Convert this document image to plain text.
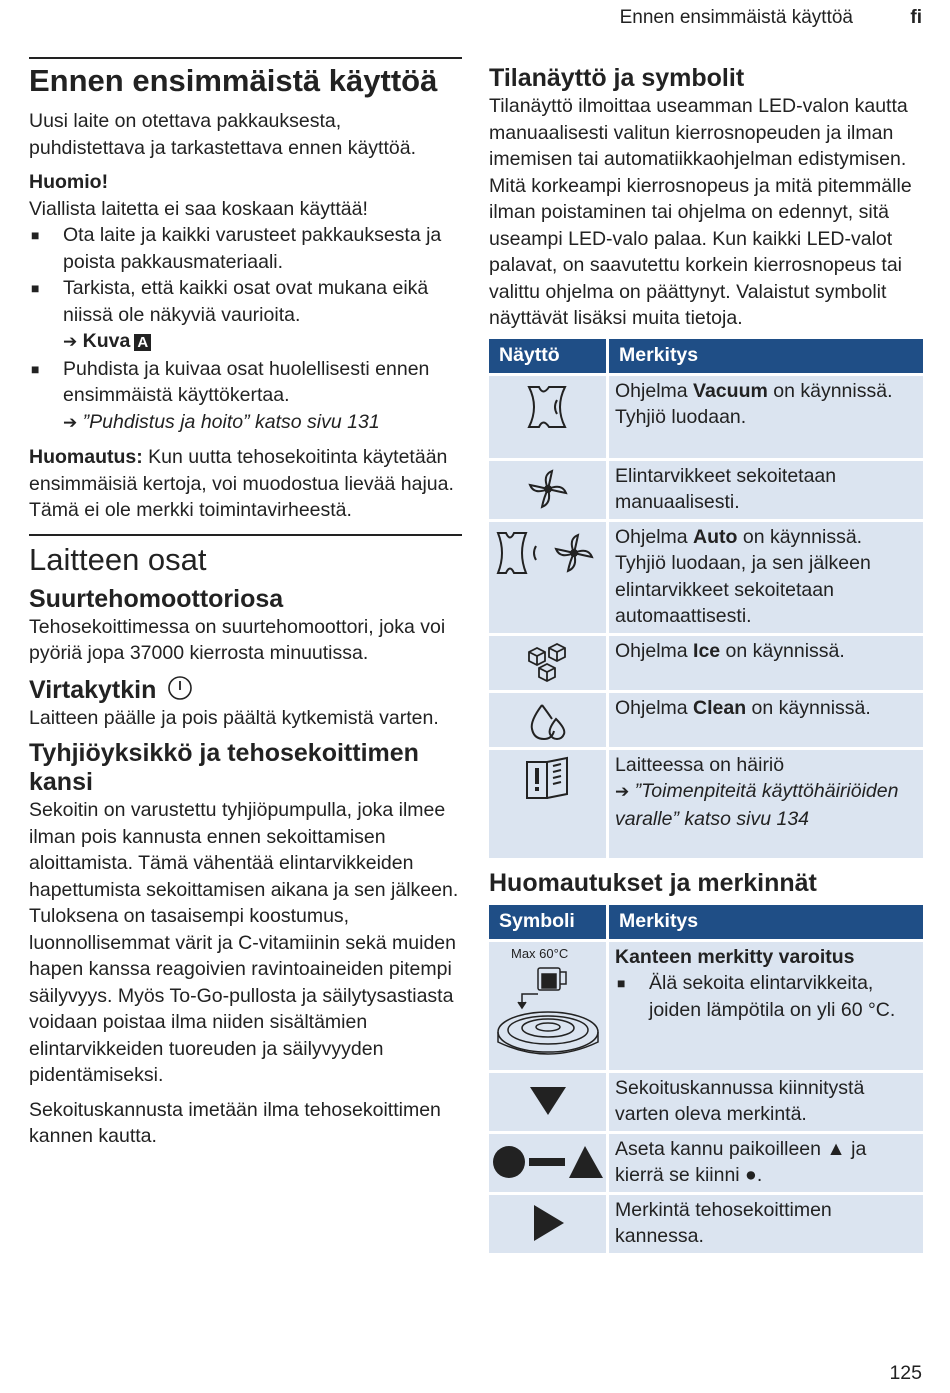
Ennen ensimmäistä käyttöä	fi
Ennen ensimmäistä käyttöä

Uusi laite on otettava pakkauksesta, puhdistettava ja tarkastettava ennen käyttöä.

Huomio!

Viallista laitetta ei saa koskaan käyttää!

■	Ota laite ja kaikki varusteet pakkauksesta ja poista pakkausmateriaali.

■	Tarkista, että kaikki osat ovat mukana eikä niissä ole näkyviä vaurioita.

➔ Kuva A

■	Puhdista ja kuivaa osat huolellisesti ennen ensimmäistä käyttökertaa.

➔ ”Puhdistus ja hoito” katso sivu 131

Huomautus: Kun uutta tehosekoitinta käytetään ensimmäisiä kertoja, voi muodostua lievää hajua. Tämä ei ole merkki toimintavirheestä.

Laitteen osat
Suurtehomoottoriosa

Tehosekoittimessa on suurtehomoottori, joka voi pyöriä jopa 37000 kierrosta minuutissa.

Virtakytkin

Laitteen päälle ja pois päältä kytkemistä varten.

Tyhjiöyksikkö ja tehosekoittimen kansi

Sekoitin on varustettu tyhjiöpumpulla, joka ilmee ilman pois kannusta ennen sekoittamisen aloittamista. Tämä vähentää elintarvikkeiden hapettumista sekoittamisen aikana ja sen jälkeen. Tuloksena on tasaisempi koostumus, luonnollisemmat värit ja C-vitamiinin sekä muiden hapen kanssa reagoivien ravintoaineiden pitempi säilyvyys. Myös To-Go-pullosta ja säilytysastiasta voidaan poistaa ilma niiden sisältämien elintarvikkeiden tuoreuden ja säilyvyyden pidentämiseksi.

Sekoituskannusta imetään ilma tehosekoittimen kannen kautta.

Tilanäyttö ja symbolit

Tilanäyttö ilmoittaa useamman LED-valon kautta manuaalisesti valitun kierrosnopeuden ja ilman imemisen tai automatiikkaohjelman edistymisen. Mitä korkeampi kierrosnopeus ja mitä pitemmälle ilman poistaminen tai ohjelma on edennyt, sitä useampi LED-valo palaa. Kun kaikki LED-valot palavat, on saavutettu korkein kierrosnopeus tai valittu ohjelma on päättynyt. Valaistut symbolit näyttävät lisäksi muita tietoja.

Näyttö	Merkitys

	Ohjelma Vacuum on käynnissä.
Tyhjiö luodaan.

	Elintarvikkeet sekoitetaan manuaalisesti.

	Ohjelma Auto on käynnissä. Tyhjiö luodaan, ja sen jälkeen elintarvikkeet sekoitetaan automaattisesti.

	Ohjelma Ice on käynnissä.

	Ohjelma Clean on käynnissä.

	Laitteessa on häiriö
➔ ”Toimenpiteitä käyttöhäiriöiden varalle” katso sivu 134
Huomautukset ja merkinnät
Symboli	Merkitys

Max 60°C	Kanteen merkitty varoitus
■ Älä sekoita elintarvikkeita, joiden lämpötila on yli 60 °C.

	Sekoituskannussa kiinnitystä varten oleva merkintä.

	Aseta kannu paikoilleen ▲ ja kierrä se kiinni ●.

	Merkintä tehosekoittimen kannessa.
125
